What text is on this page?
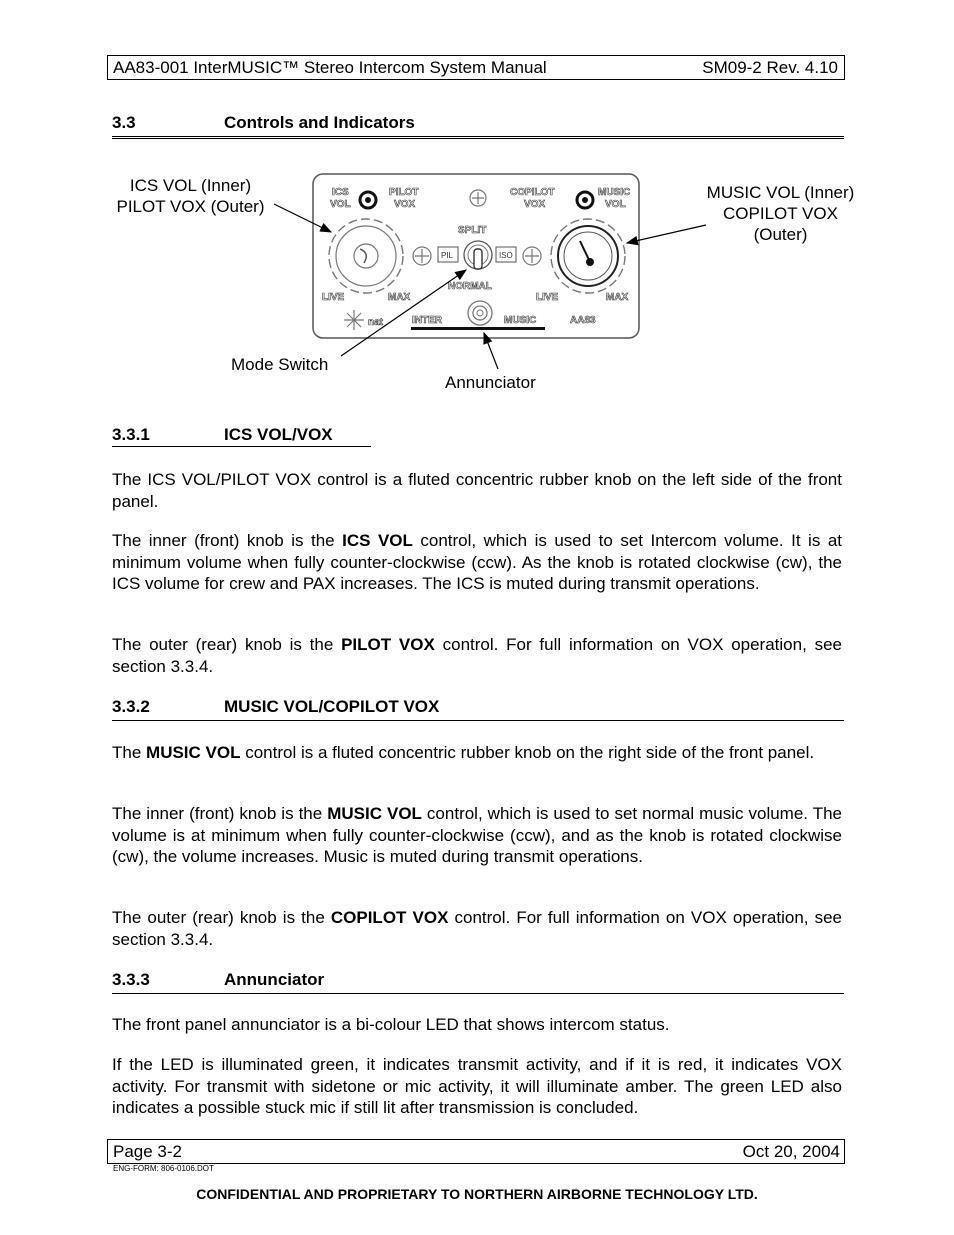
AA83-001 InterMUSIC™ Stereo Intercom System Manual	SM09-2 Rev. 4.10
3.3	Controls and Indicators
ICS VOL (Inner)
PILOT VOX (Outer)
MUSIC VOL (Inner)
COPILOT VOX
(Outer)
Mode Switch
Annunciator
ICS
VOL
PILOT
VOX
COPILOT
VOX
MUSIC
VOL
SPLIT
NORMAL
LIVE	MAX	LIVE	MAX
INTER	MUSIC	AA83
nat
PIL	ISO
3.3.1	ICS VOL/VOX

The ICS VOL/PILOT VOX control is a fluted concentric rubber knob on the left side of the front panel.

The inner (front) knob is the ICS VOL control, which is used to set Intercom volume. It is at minimum volume when fully counter-clockwise (ccw). As the knob is rotated clockwise (cw), the ICS volume for crew and PAX increases. The ICS is muted during transmit operations.

The outer (rear) knob is the PILOT VOX control. For full information on VOX operation, see section 3.3.4.

3.3.2	MUSIC VOL/COPILOT VOX

The MUSIC VOL control is a fluted concentric rubber knob on the right side of the front panel.

The inner (front) knob is the MUSIC VOL control, which is used to set normal music volume. The volume is at minimum when fully counter-clockwise (ccw), and as the knob is rotated clockwise (cw), the volume increases. Music is muted during transmit operations.

The outer (rear) knob is the COPILOT VOX control. For full information on VOX operation, see section 3.3.4.

3.3.3	Annunciator

The front panel annunciator is a bi-colour LED that shows intercom status.

If the LED is illuminated green, it indicates transmit activity, and if it is red, it indicates VOX activity. For transmit with sidetone or mic activity, it will illuminate amber. The green LED also indicates a possible stuck mic if still lit after transmission is concluded.

Page 3-2	Oct 20, 2004
ENG-FORM: 806-0106.DOT
CONFIDENTIAL AND PROPRIETARY TO NORTHERN AIRBORNE TECHNOLOGY LTD.
